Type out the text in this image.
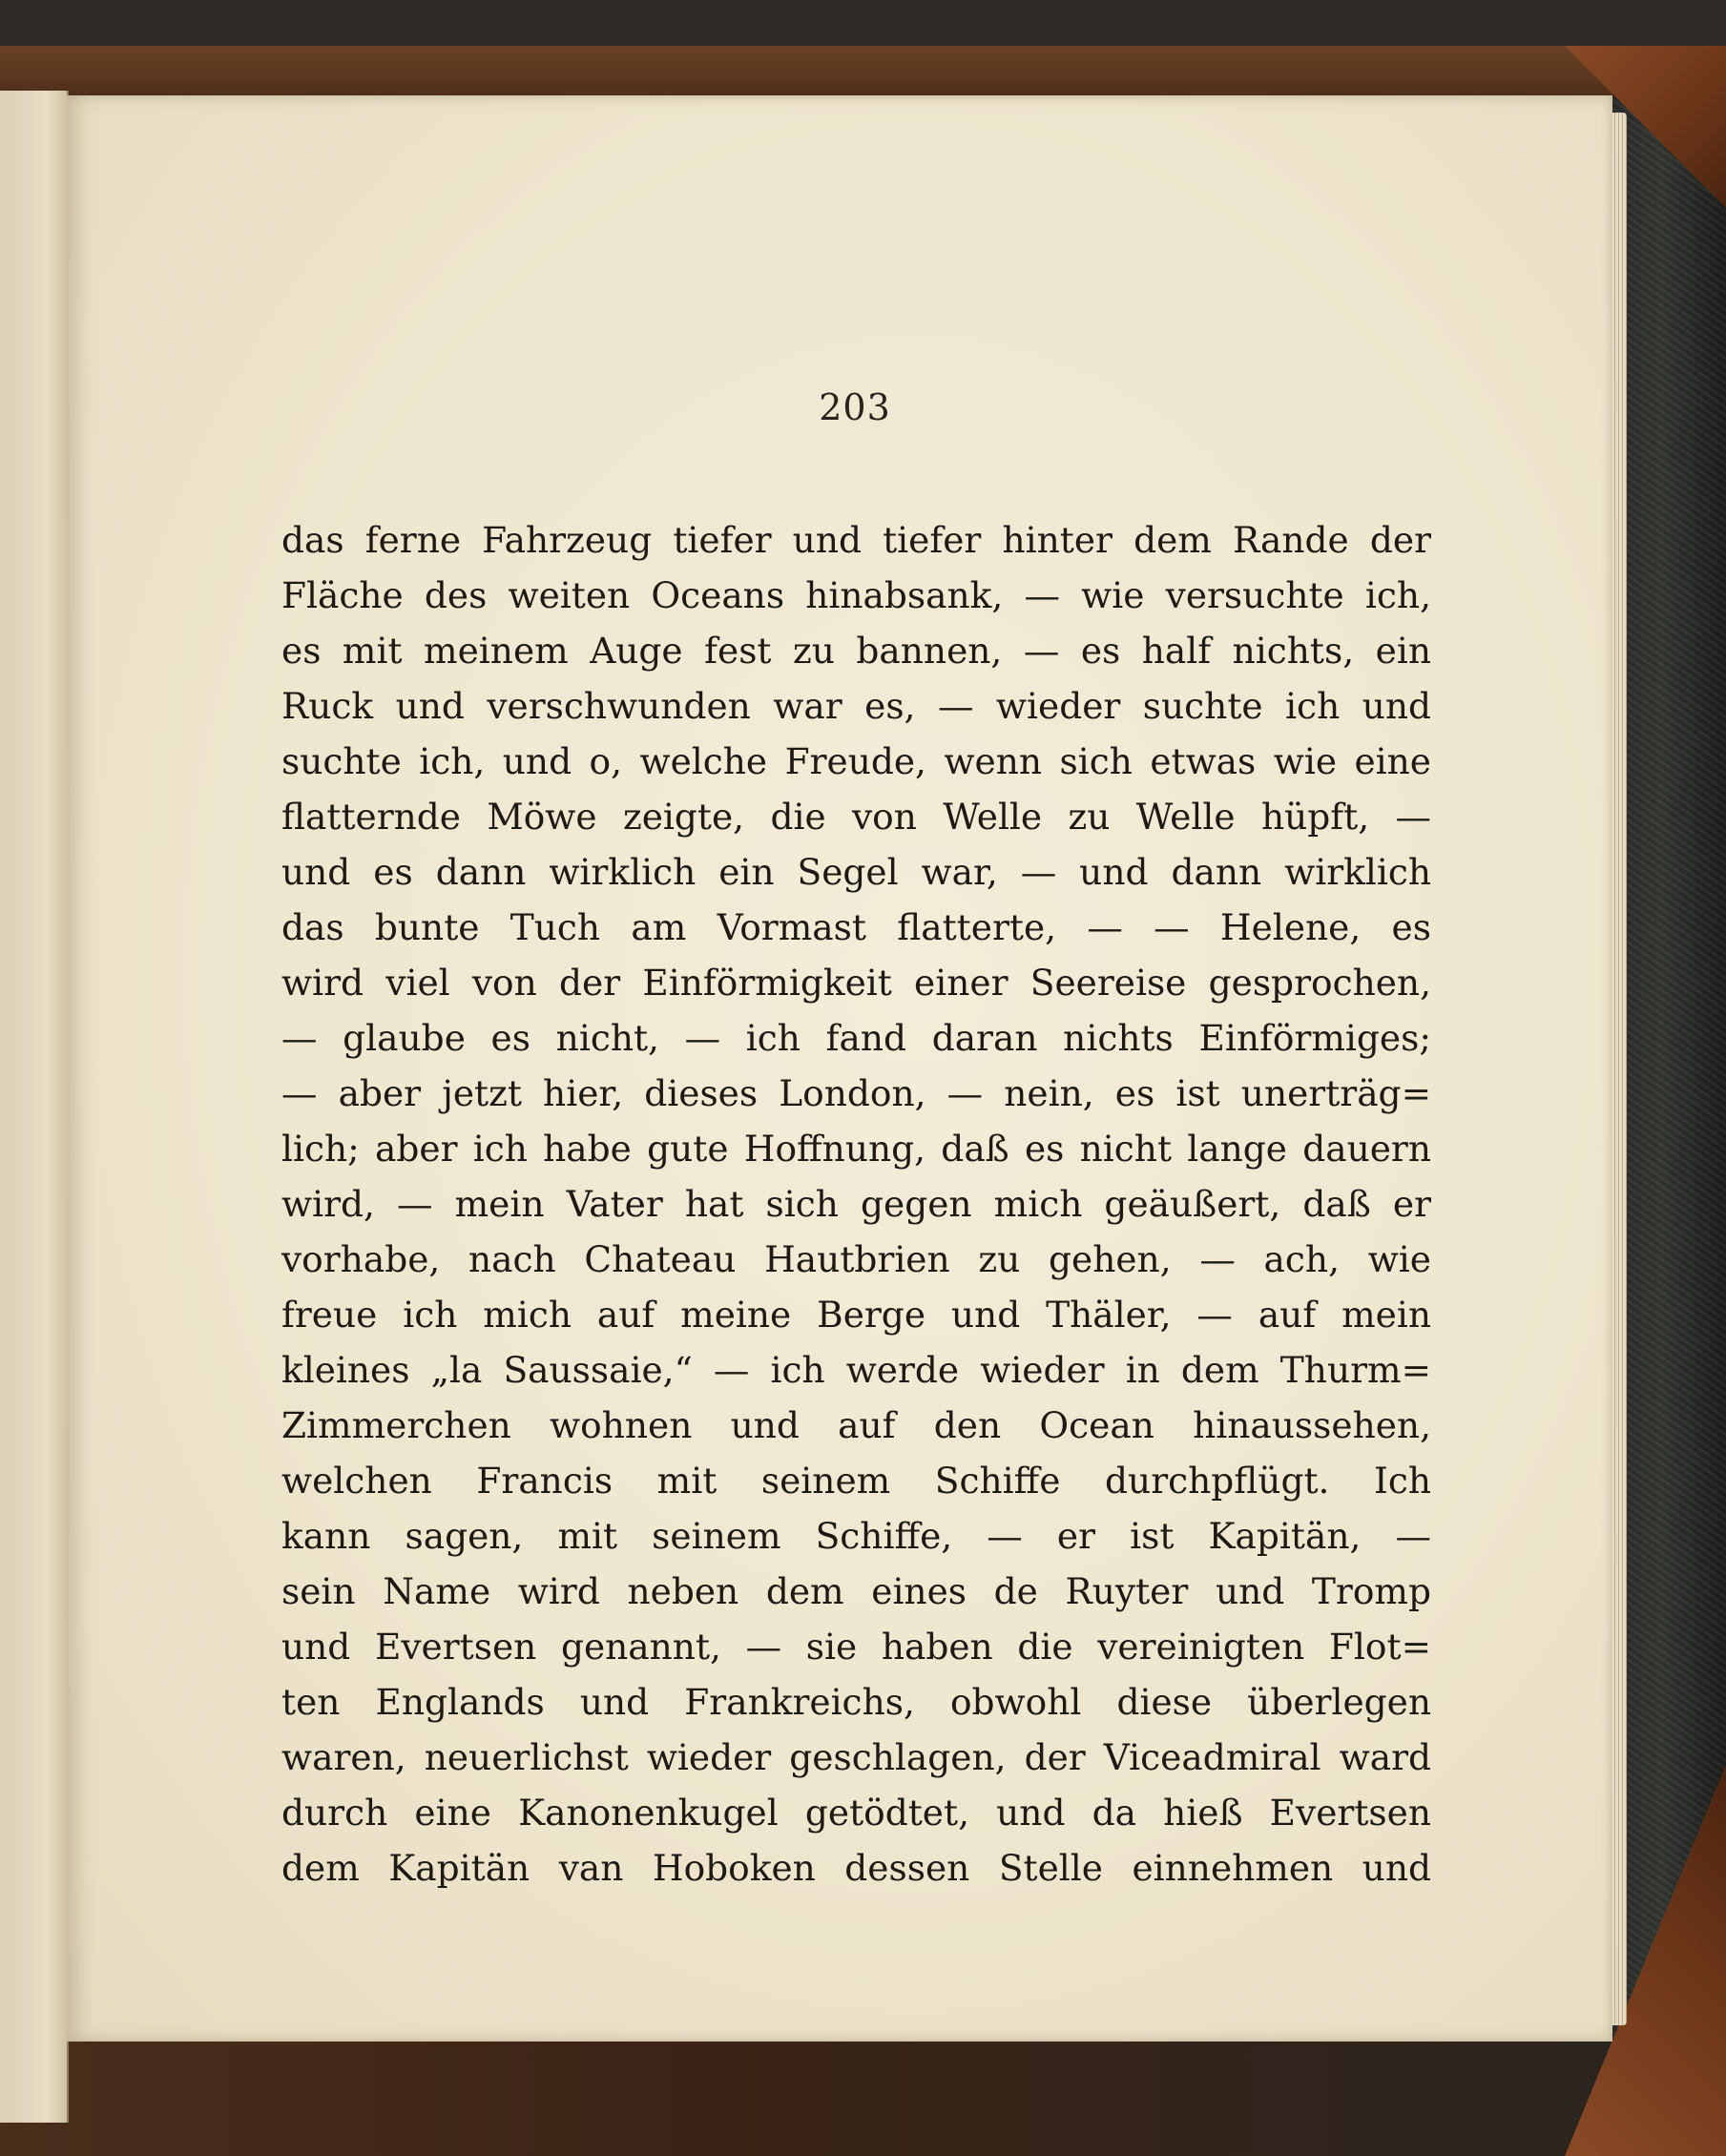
203

das ferne Fahrzeug tiefer und tiefer hinter dem Rande der
Fläche des weiten Oceans hinabsank, — wie versuchte ich,
es mit meinem Auge fest zu bannen, — es half nichts, ein
Ruck und verschwunden war es, — wieder suchte ich und
suchte ich, und o, welche Freude, wenn sich etwas wie eine
flatternde Möwe zeigte, die von Welle zu Welle hüpft, —
und es dann wirklich ein Segel war, — und dann wirklich
das bunte Tuch am Vormast flatterte, — — Helene, es
wird viel von der Einförmigkeit einer Seereise gesprochen,
— glaube es nicht, — ich fand daran nichts Einförmiges;
— aber jetzt hier, dieses London, — nein, es ist unerträg=
lich; aber ich habe gute Hoffnung, daß es nicht lange dauern
wird, — mein Vater hat sich gegen mich geäußert, daß er
vorhabe, nach Chateau Hautbrien zu gehen, — ach, wie
freue ich mich auf meine Berge und Thäler, — auf mein
kleines „la Saussaie,“ — ich werde wieder in dem Thurm=
Zimmerchen wohnen und auf den Ocean hinaussehen,
welchen Francis mit seinem Schiffe durchpflügt. Ich
kann sagen, mit seinem Schiffe, — er ist Kapitän, —
sein Name wird neben dem eines de Ruyter und Tromp
und Evertsen genannt, — sie haben die vereinigten Flot=
ten Englands und Frankreichs, obwohl diese überlegen
waren, neuerlichst wieder geschlagen, der Viceadmiral ward
durch eine Kanonenkugel getödtet, und da hieß Evertsen
dem Kapitän van Hoboken dessen Stelle einnehmen und
